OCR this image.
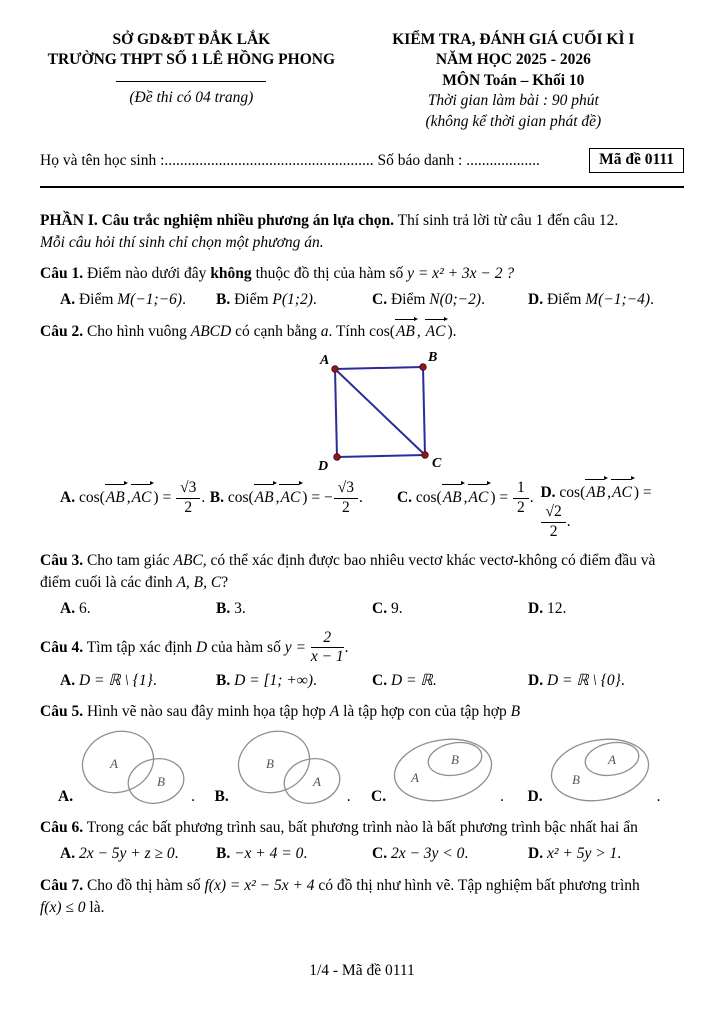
SỞ GD&ĐT ĐẮK LẮK
TRƯỜNG THPT SỐ 1 LÊ HỒNG PHONG
(Đề thi có 04 trang)
KIỂM TRA, ĐÁNH GIÁ CUỐI KÌ I
NĂM HỌC 2025 - 2026
MÔN Toán – Khối 10
Thời gian làm bài : 90 phút
(không kể thời gian phát đề)
Họ và tên học sinh :...................................................... Số báo danh : ...................	Mã đề 0111
PHẦN I. Câu trắc nghiệm nhiều phương án lựa chọn. Thí sinh trả lời từ câu 1 đến câu 12.
Mỗi câu hỏi thí sinh chỉ chọn một phương án.
Câu 1. Điểm nào dưới đây không thuộc đồ thị của hàm số y = x² + 3x − 2 ?
A. Điểm M(−1;−6).	B. Điểm P(1;2).	C. Điểm N(0;−2).	D. Điểm M(−1;−4).
Câu 2. Cho hình vuông ABCD có cạnh bằng a. Tính cos(AB , AC ).
A	B
C
D
A. cos(AB ,AC ) = $\frac{√3}{2}$ . B. cos(AB ,AC ) = − $\frac{√3}{2}$ .	C. cos(AB ,AC ) = $\frac{1}{2}$ . D. cos(AB ,AC ) =
$\frac{√2}{2}$ .
Câu 3. Cho tam giác ABC, có thể xác định được bao nhiêu vectơ khác vectơ-không có điểm đầu và điểm cuối là các đỉnh A, B, C?
A. 6.	B. 3.	C. 9.	D. 12.
Câu 4. Tìm tập xác định D của hàm số $y = \frac{2}{x - 1}$ .
A. D = ℝ \ {1}.	B. D = [1; +∞).	C. D = ℝ.	D. D = ℝ \ {0}.
Câu 5. Hình vẽ nào sau đây minh họa tập hợp A là tập hợp con của tập hợp B
A.
A
B
. B.
B
A
.
A
B
.
C.	D.
B
A
.
Câu 6. Trong các bất phương trình sau, bất phương trình nào là bất phương trình bậc nhất hai ẩn
A. 2x − 5y + z ≥ 0.	B. −x + 4 = 0.	C. 2x − 3y < 0.	D. x² + 5y > 1.
Câu 7. Cho đồ thị hàm số f(x) = x² − 5x + 4 có đồ thị như hình vẽ. Tập nghiệm bất phương trình
f(x) ≤ 0 là.
1/4 - Mã đề 0111
